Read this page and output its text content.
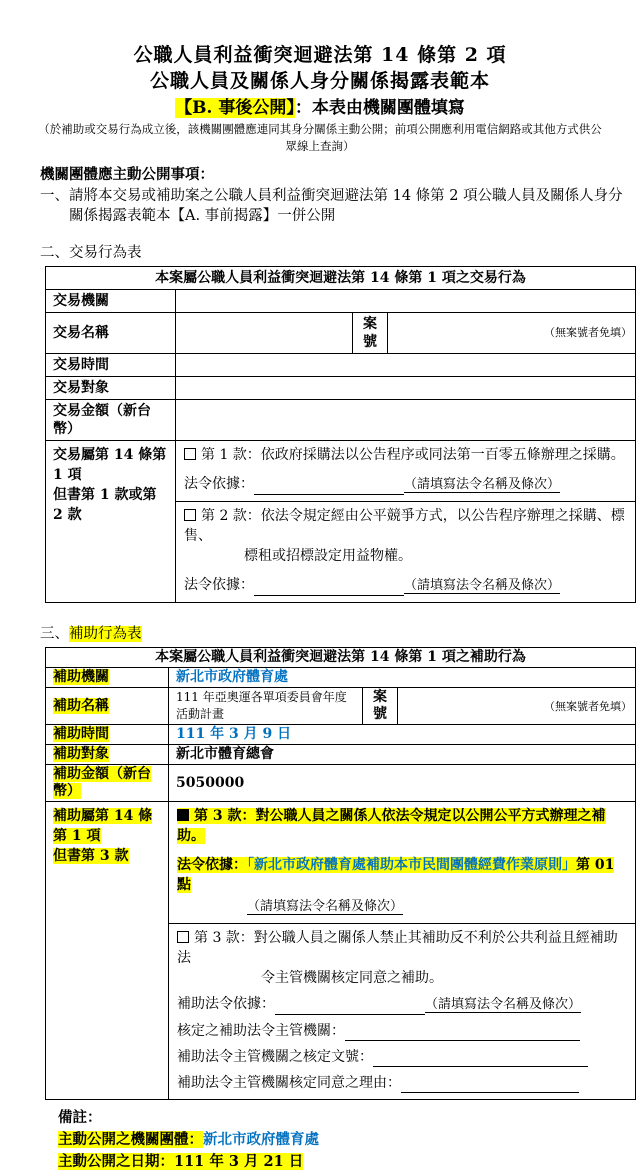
公職人員利益衝突迴避法第 14 條第 2 項
公職人員及關係人身分關係揭露表範本
【B. 事後公開】：本表由機關團體填寫
（於補助或交易行為成立後，該機關團體應連同其身分關係主動公開；前項公開應利用電信網路或其他方式供公眾線上查詢）
機關團體應主動公開事項：
一、 請將本交易或補助案之公職人員利益衝突迴避法第 14 條第 2 項公職人員及關係人身分關係揭露表範本【A. 事前揭露】一併公開
二、交易行為表
本案屬公職人員利益衝突迴避法第 14 條第 1 項之交易行為			
交易機關			
交易名稱		案號	（無案號者免填）
交易時間			
交易對象			
交易金額（新台幣）			

交易屬第 14 條第 1 項
但書第 1 款或第 2 款

第 1 款：依政府採購法以公告程序或同法第一百零五條辦理之採購。
法令依據：	（請填寫法令名稱及條次）

	第 2 款：依法令規定經由公平競爭方式，以公告程序辦理之採購、標售、
標租或招標設定用益物權。
法令依據： （請填寫法令名稱及條次）		
三、補助行為表
本案屬公職人員利益衝突迴避法第 14 條第 1 項之補助行為			
補助機關	新北市政府體育處		
補助名稱	111 年亞奧運各單項委員會年度活動計畫	案號	（無案號者免填）
補助時間	111 年 3 月 9 日		
補助對象	新北市體育總會		
補助金額（新台幣）	5050000		

補助屬第 14 條第 1 項
但書第 3 款

第 3 款：對公職人員之關係人依法令規定以公開公平方式辦理之補助。
法令依據：「新北市政府體育處補助本市民間團體經費作業原則」第 01 點
（請填寫法令名稱及條次）

第 3 款：對公職人員之關係人禁止其補助反不利於公共利益且經補助法
令主管機關核定同意之補助。
補助法令依據：	（請填寫法令名稱及條次）
核定之補助法令主管機關：
補助法令主管機關之核定文號：
補助法令主管機關核定同意之理由：
備註：
主動公開之機關團體：新北市政府體育處
主動公開之日期：111 年 3 月 21 日
